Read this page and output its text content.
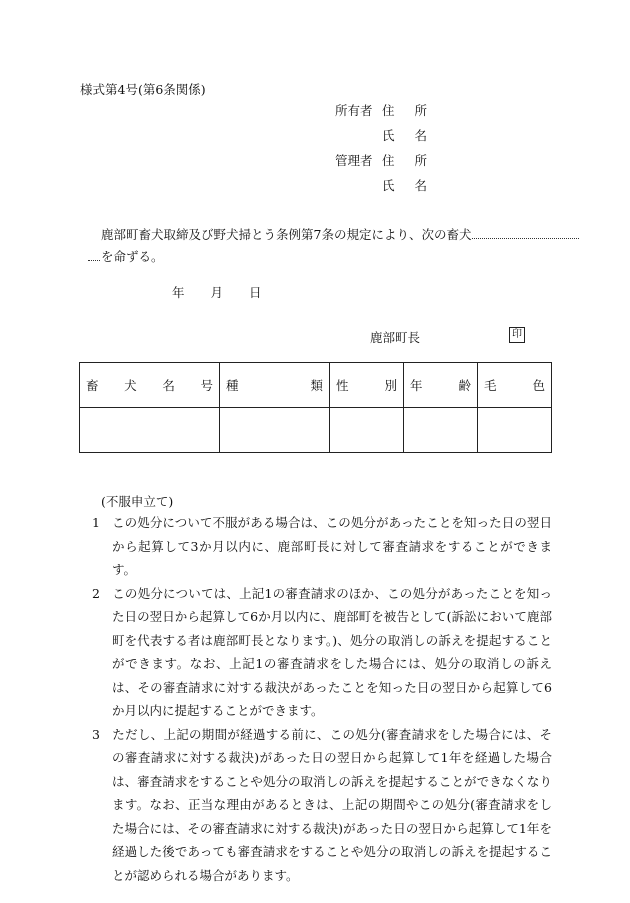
様式第4号(第6条関係)
所有者 住 所
氏 名
管理者 住 所
氏 名
鹿部町畜犬取締及び野犬掃とう条例第7条の規定により、次の畜犬
を命ずる。
年 月 日
鹿部町長	印
畜 犬 名 号	種 類	性 別	年 齢	毛 色

(不服申立て)

1 この処分について不服がある場合は、この処分があったことを知った日の翌日から起算して3か月以内に、鹿部町長に対して審査請求をすることができます。

2 この処分については、上記1の審査請求のほか、この処分があったことを知った日の翌日から起算して6か月以内に、鹿部町を被告として(訴訟において鹿部町を代表する者は鹿部町長となります。)、処分の取消しの訴えを提起することができます。なお、上記1の審査請求をした場合には、処分の取消しの訴えは、その審査請求に対する裁決があったことを知った日の翌日から起算して6か月以内に提起することができます。

3 ただし、上記の期間が経過する前に、この処分(審査請求をした場合には、その審査請求に対する裁決)があった日の翌日から起算して1年を経過した場合は、審査請求をすることや処分の取消しの訴えを提起することができなくなります。なお、正当な理由があるときは、上記の期間やこの処分(審査請求をした場合には、その審査請求に対する裁決)があった日の翌日から起算して1年を経過した後であっても審査請求をすることや処分の取消しの訴えを提起することが認められる場合があります。
